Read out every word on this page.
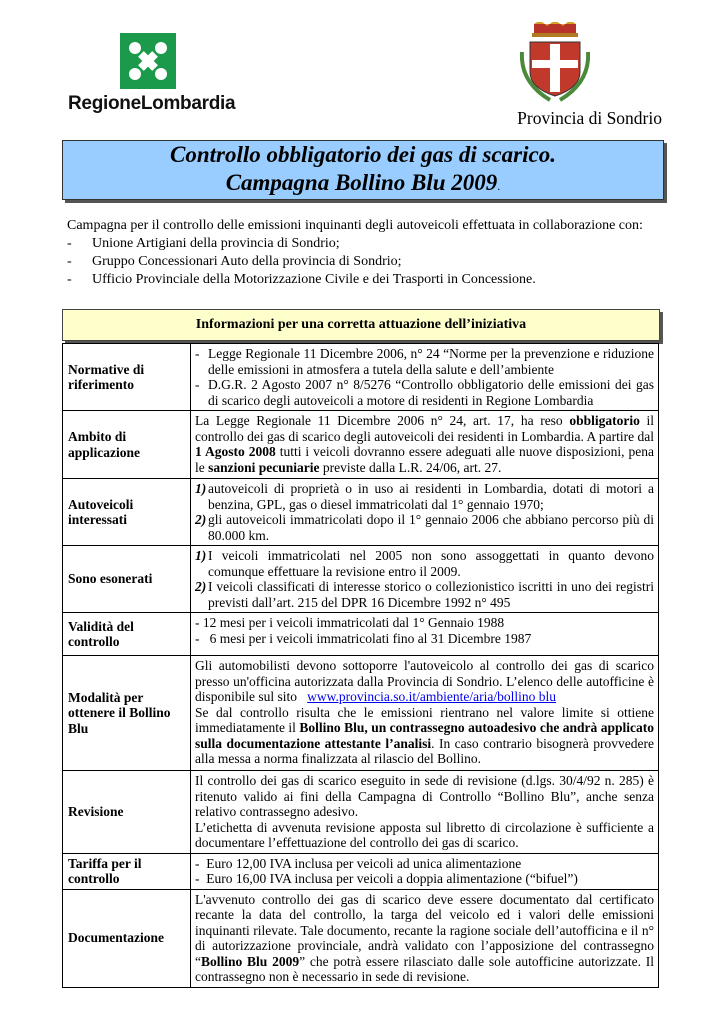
RegioneLombardia
Provincia di Sondrio
Controllo obbligatorio dei gas di scarico.
Campagna Bollino Blu 2009.

Campagna per il controllo delle emissioni inquinanti degli autoveicoli effettuata in collaborazione con:

- Unione Artigiani della provincia di Sondrio;
- Gruppo Concessionari Auto della provincia di Sondrio;
- Ufficio Provinciale della Motorizzazione Civile e dei Trasporti in Concessione.
Informazioni per una corretta attuazione dell’iniziativa
Normative di riferimento	- Legge Regionale 11 Dicembre 2006, n° 24 “Norme per la prevenzione e riduzione delle emissioni in atmosfera a tutela della salute e dell’ambiente
- D.G.R. 2 Agosto 2007 n° 8/5276 “Controllo obbligatorio delle emissioni dei gas di scarico degli autoveicoli a motore di residenti in Regione Lombardia

Ambito di applicazione	La Legge Regionale 11 Dicembre 2006 n° 24, art. 17, ha reso obbligatorio il controllo dei gas di scarico degli autoveicoli dei residenti in Lombardia. A partire dal 1 Agosto 2008 tutti i veicoli dovranno essere adeguati alle nuove disposizioni, pena le sanzioni pecuniarie previste dalla L.R. 24/06, art. 27.
Autoveicoli interessati	1) autoveicoli di proprietà o in uso ai residenti in Lombardia, dotati di motori a benzina, GPL, gas o diesel immatricolati dal 1° gennaio 1970;
2) gli autoveicoli immatricolati dopo il 1° gennaio 2006 che abbiano percorso più di 80.000 km.

Sono esonerati	1) I veicoli immatricolati nel 2005 non sono assoggettati in quanto devono comunque effettuare la revisione entro il 2009.
2) I veicoli classificati di interesse storico o collezionistico iscritti in uno dei registri previsti dall’art. 215 del DPR 16 Dicembre 1992 n° 495

Validità del controllo	- 12 mesi per i veicoli immatricolati dal 1° Gennaio 1988
-   6 mesi per i veicoli immatricolati fino al 31 Dicembre 1987

Modalità per ottenere il Bollino Blu	Gli automobilisti devono sottoporre l'autoveicolo al controllo dei gas di scarico presso un'officina autorizzata dalla Provincia di Sondrio. L’elenco delle autofficine è disponibile sul sito   www.provincia.so.it/ambiente/aria/bollino blu
Se dal controllo risulta che le emissioni rientrano nel valore limite si ottiene immediatamente il Bollino Blu, un contrassegno autoadesivo che andrà applicato sulla documentazione attestante l’analisi. In caso contrario bisognerà provvedere alla messa a norma finalizzata al rilascio del Bollino.
Revisione	Il controllo dei gas di scarico eseguito in sede di revisione (d.lgs. 30/4/92 n. 285) è ritenuto valido ai fini della Campagna di Controllo “Bollino Blu”, anche senza relativo contrassegno adesivo.
L’etichetta di avvenuta revisione apposta sul libretto di circolazione è sufficiente a documentare l’effettuazione del controllo dei gas di scarico.

Tariffa per il controllo	-  Euro 12,00 IVA inclusa per veicoli ad unica alimentazione
-  Euro 16,00 IVA inclusa per veicoli a doppia alimentazione (“bifuel”)

Documentazione	L'avvenuto controllo dei gas di scarico deve essere documentato dal certificato recante la data del controllo, la targa del veicolo ed i valori delle emissioni inquinanti rilevate. Tale documento, recante la ragione sociale dell’autofficina e il n° di autorizzazione provinciale, andrà validato con l’apposizione del contrassegno “Bollino Blu 2009” che potrà essere rilasciato dalle sole autofficine autorizzate. Il contrassegno non è necessario in sede di revisione.
